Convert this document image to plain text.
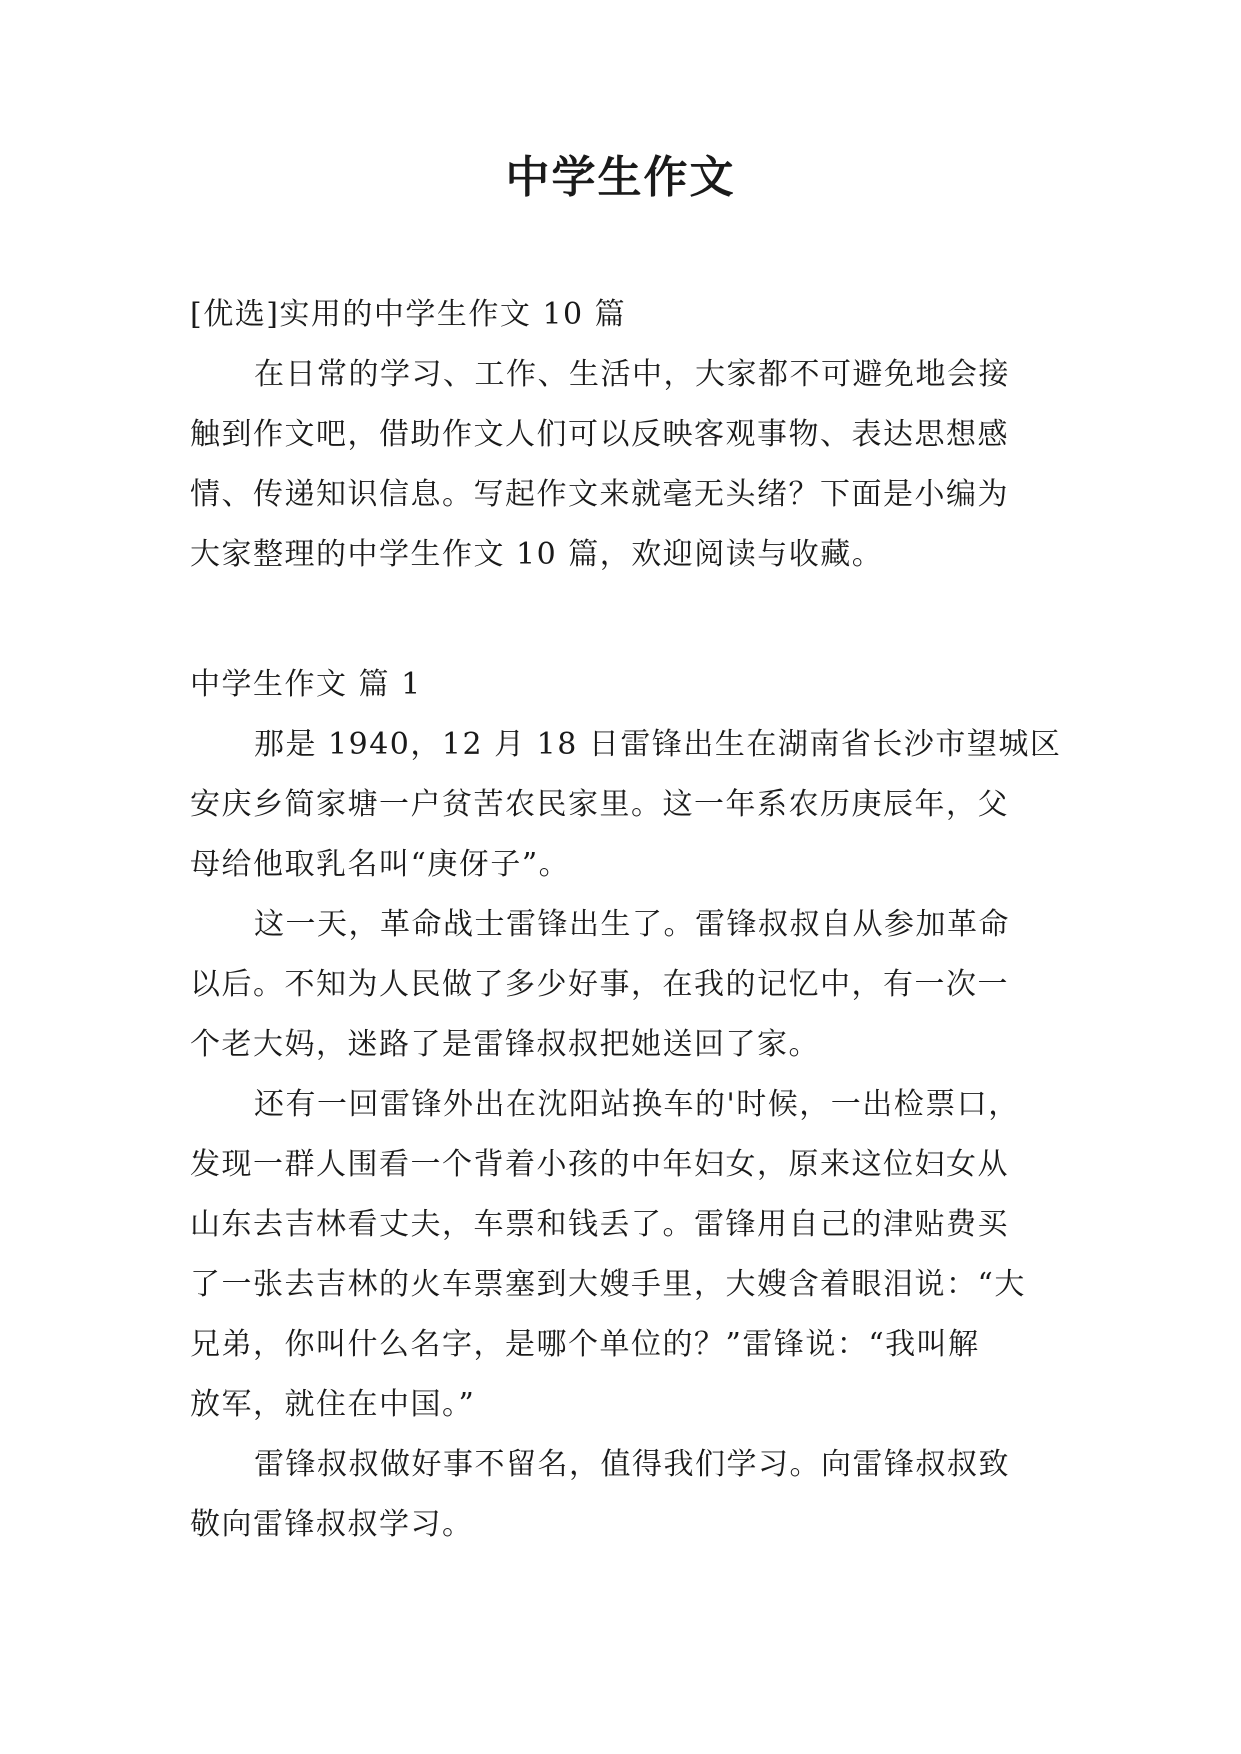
中学生作文
[优选]实用的中学生作文 10 篇
在日常的学习、工作、生活中，大家都不可避免地会接
触到作文吧，借助作文人们可以反映客观事物、表达思想感
情、传递知识信息。写起作文来就毫无头绪？下面是小编为
大家整理的中学生作文 10 篇，欢迎阅读与收藏。
中学生作文 篇 1
那是 1940，12 月 18 日雷锋出生在湖南省长沙市望城区
安庆乡简家塘一户贫苦农民家里。这一年系农历庚辰年，父
母给他取乳名叫“庚伢子”。
这一天，革命战士雷锋出生了。雷锋叔叔自从参加革命
以后。不知为人民做了多少好事，在我的记忆中，有一次一
个老大妈，迷路了是雷锋叔叔把她送回了家。
还有一回雷锋外出在沈阳站换车的'时候，一出检票口，
发现一群人围看一个背着小孩的中年妇女，原来这位妇女从
山东去吉林看丈夫，车票和钱丢了。雷锋用自己的津贴费买
了一张去吉林的火车票塞到大嫂手里，大嫂含着眼泪说：“大
兄弟，你叫什么名字，是哪个单位的？”雷锋说：“我叫解
放军，就住在中国。”
雷锋叔叔做好事不留名，值得我们学习。向雷锋叔叔致
敬向雷锋叔叔学习。
